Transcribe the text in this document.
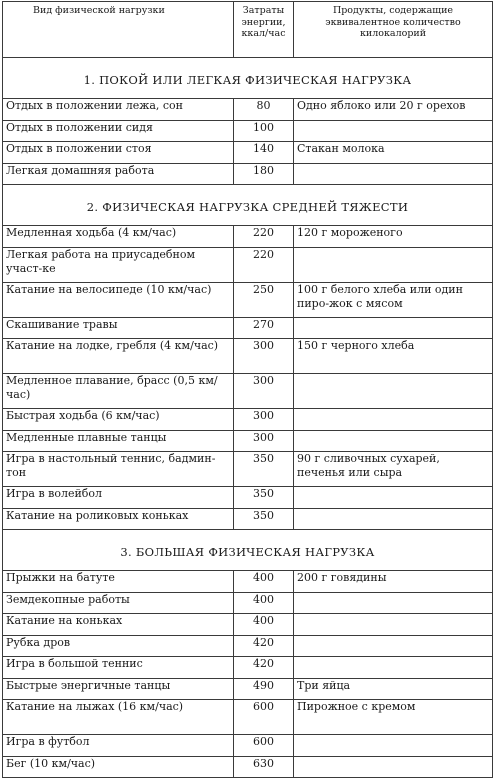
Вид физической нагрузки	Затраты энергии, ккал/час	Продукты, содержащие эквивалентное количество килокалорий
1. ПОКОЙ ИЛИ ЛЕГКАЯ ФИЗИЧЕСКАЯ НАГРУЗКА		
Отдых в положении лежа, сон	80	Одно яблоко или 20 г орехов
Отдых в положении сидя	100	
Отдых в положении стоя	140	Стакан молока
Легкая домашняя работа	180	
2. ФИЗИЧЕСКАЯ НАГРУЗКА СРЕДНЕЙ ТЯЖЕСТИ		
Медленная ходьба (4 км/час)	220	120 г мороженого
Легкая работа на приусадебном участ-ке	220	
Катание на велосипеде (10 км/час)	250	100 г белого хлеба или один пиро-жок с мясом
Скашивание травы	270	
Катание на лодке, гребля (4 км/час)	300	150 г черного хлеба
Медленное плавание, брасс (0,5 км/час)	300	
Быстрая ходьба (6 км/час)	300	
Медленные плавные танцы	300	
Игра в настольный теннис, бадмин-тон	350	90 г сливочных сухарей, печенья или сыра
Игра в волейбол	350	
Катание на роликовых коньках	350	
3. БОЛЬШАЯ ФИЗИЧЕСКАЯ НАГРУЗКА		
Прыжки на батуте	400	200 г говядины
Земдекопные работы	400	
Катание на коньках	400	
Рубка дров	420	
Игра в большой теннис	420	
Быстрые энергичные танцы	490	Три яйца
Катание на лыжах (16 км/час)	600	Пирожное с кремом
Игра в футбол	600	
Бег (10 км/час)	630	
